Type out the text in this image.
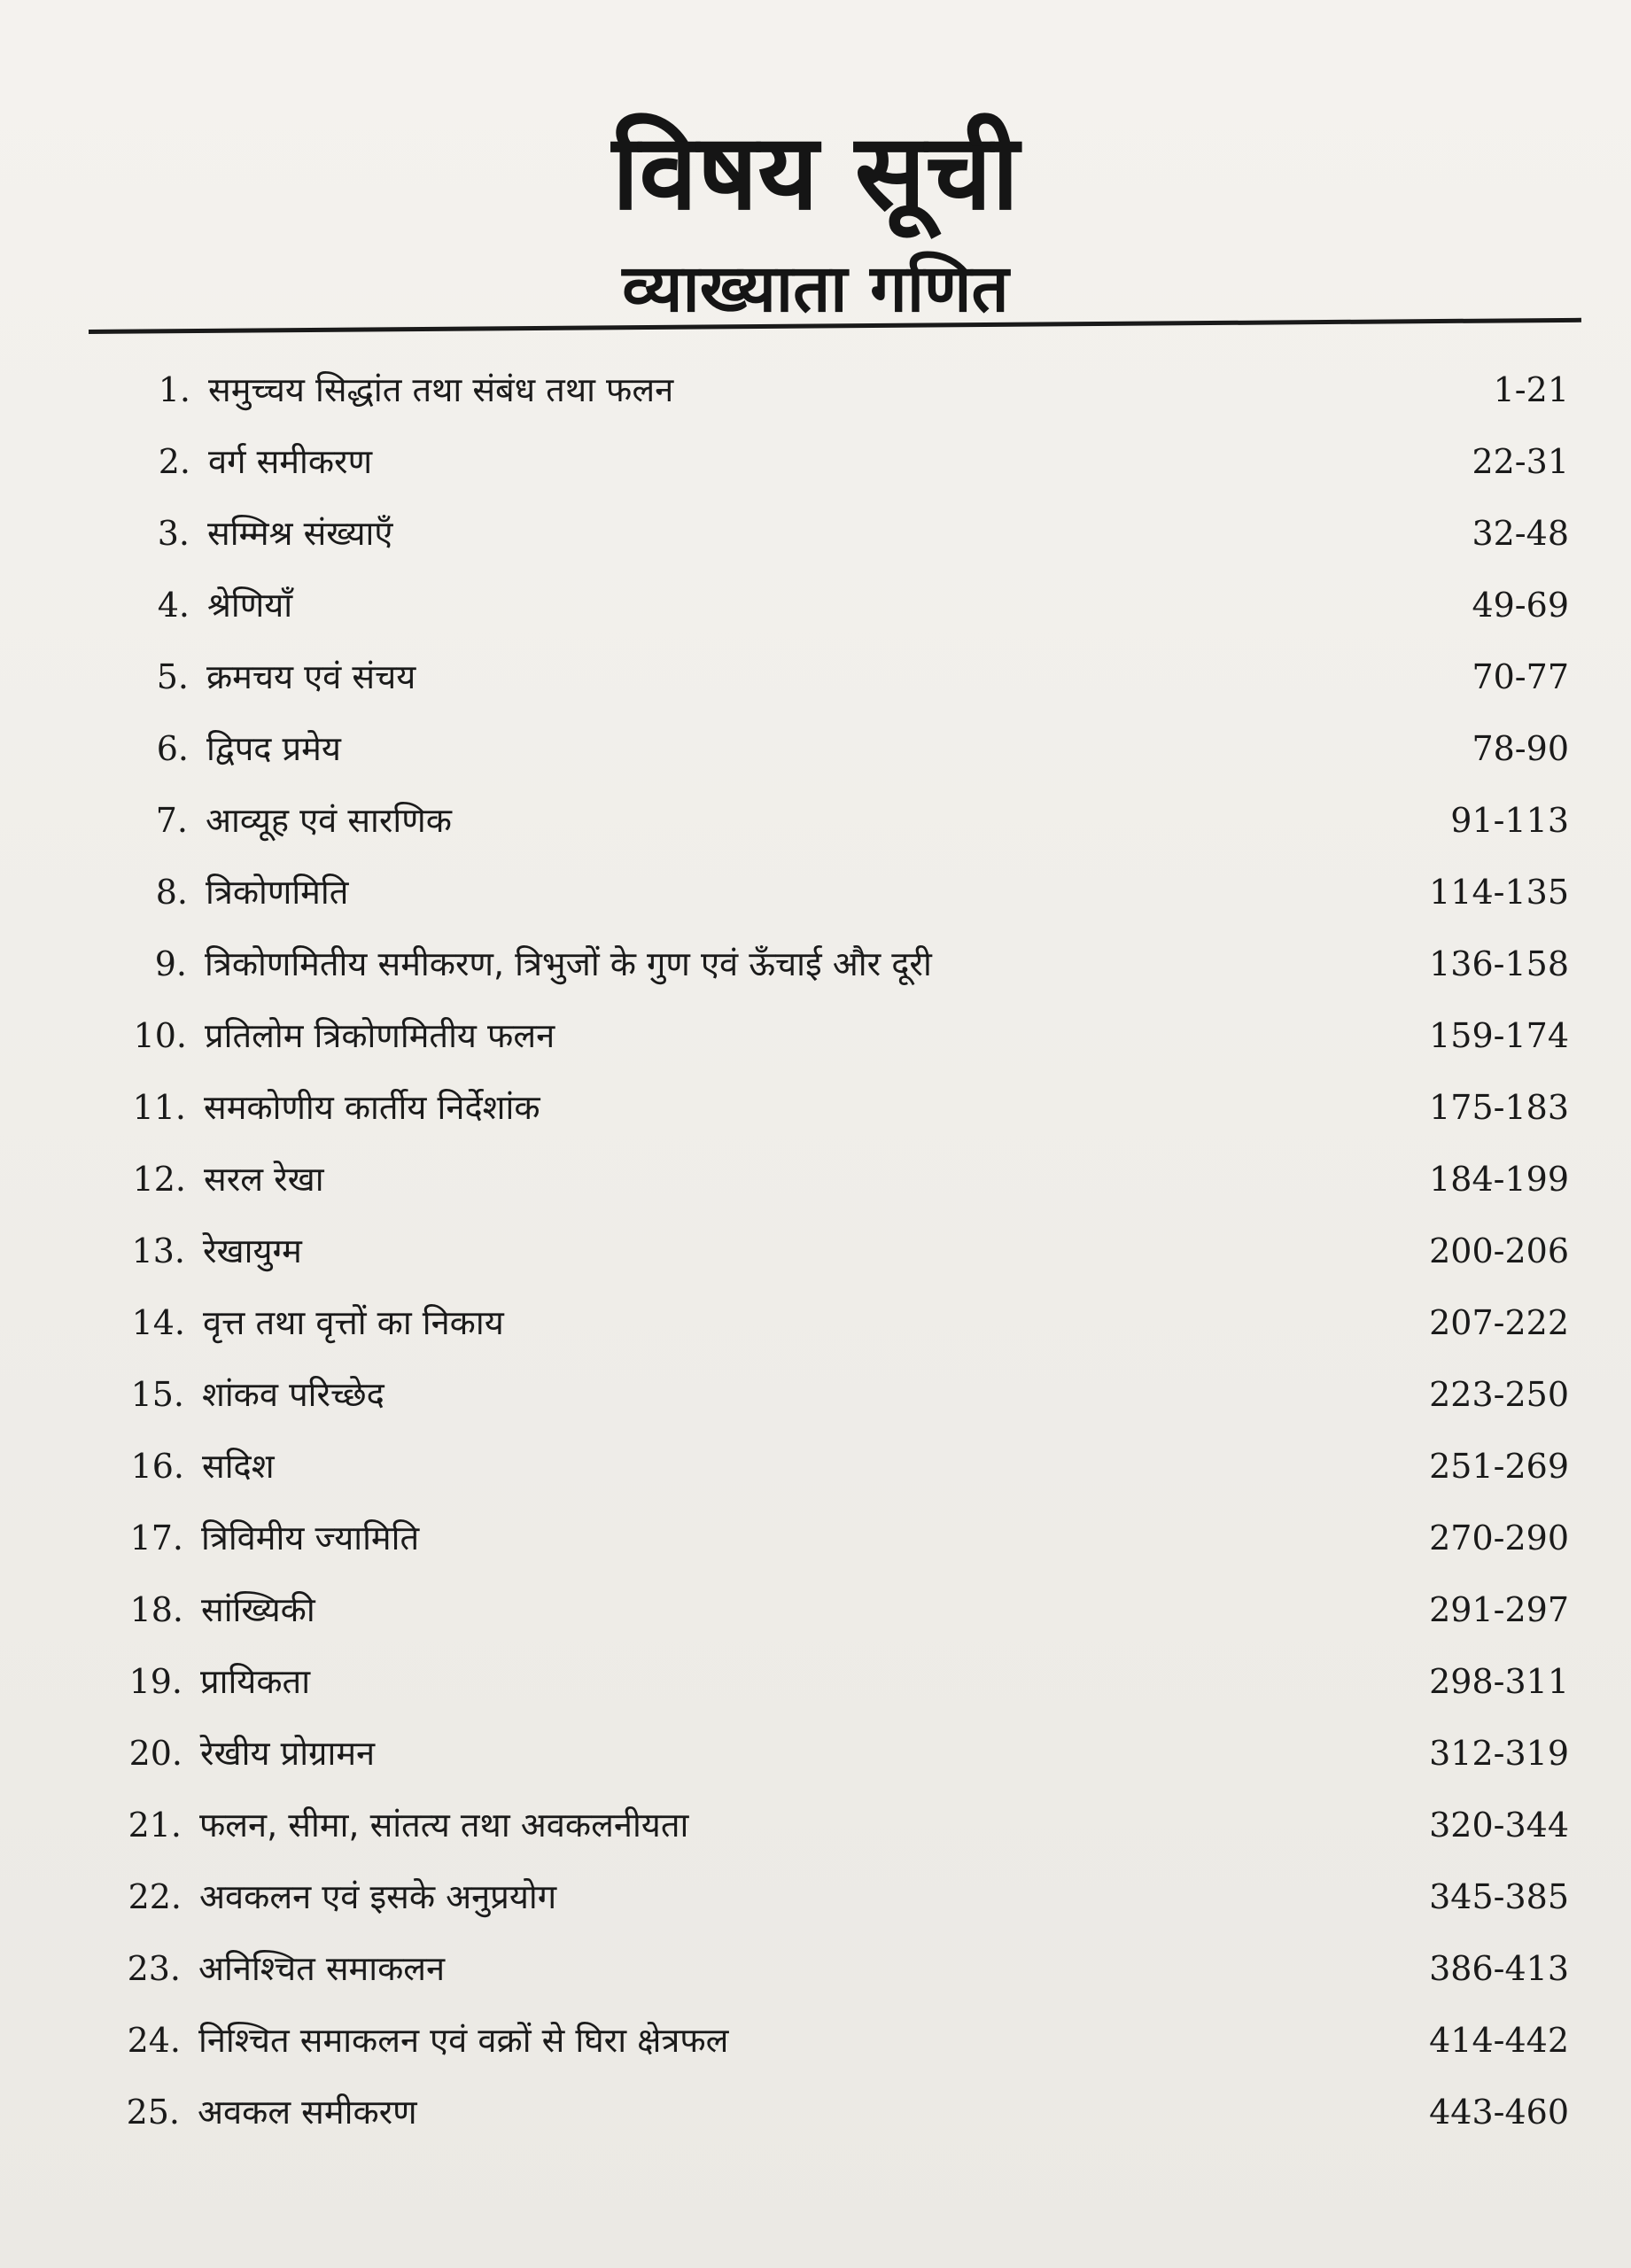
विषय सूची
व्याख्याता गणित
1. समुच्चय सिद्धांत तथा संबंध तथा फलन	1-21
2. वर्ग समीकरण	22-31
3. सम्मिश्र संख्याएँ	32-48
4. श्रेणियाँ	49-69
5. क्रमचय एवं संचय	70-77
6. द्विपद प्रमेय	78-90
7. आव्यूह एवं सारणिक	91-113
8. त्रिकोणमिति	114-135
9. त्रिकोणमितीय समीकरण, त्रिभुजों के गुण एवं ऊँचाई और दूरी	136-158
10. प्रतिलोम त्रिकोणमितीय फलन	159-174
11. समकोणीय कार्तीय निर्देशांक	175-183
12. सरल रेखा	184-199
13. रेखायुग्म	200-206
14. वृत्त तथा वृत्तों का निकाय	207-222
15. शांकव परिच्छेद	223-250
16. सदिश	251-269
17. त्रिविमीय ज्यामिति	270-290
18. सांख्यिकी	291-297
19. प्रायिकता	298-311
20. रेखीय प्रोग्रामन	312-319
21. फलन, सीमा, सांतत्य तथा अवकलनीयता	320-344
22. अवकलन एवं इसके अनुप्रयोग	345-385
23. अनिश्चित समाकलन	386-413
24. निश्चित समाकलन एवं वक्रों से घिरा क्षेत्रफल	414-442
25. अवकल समीकरण	443-460
